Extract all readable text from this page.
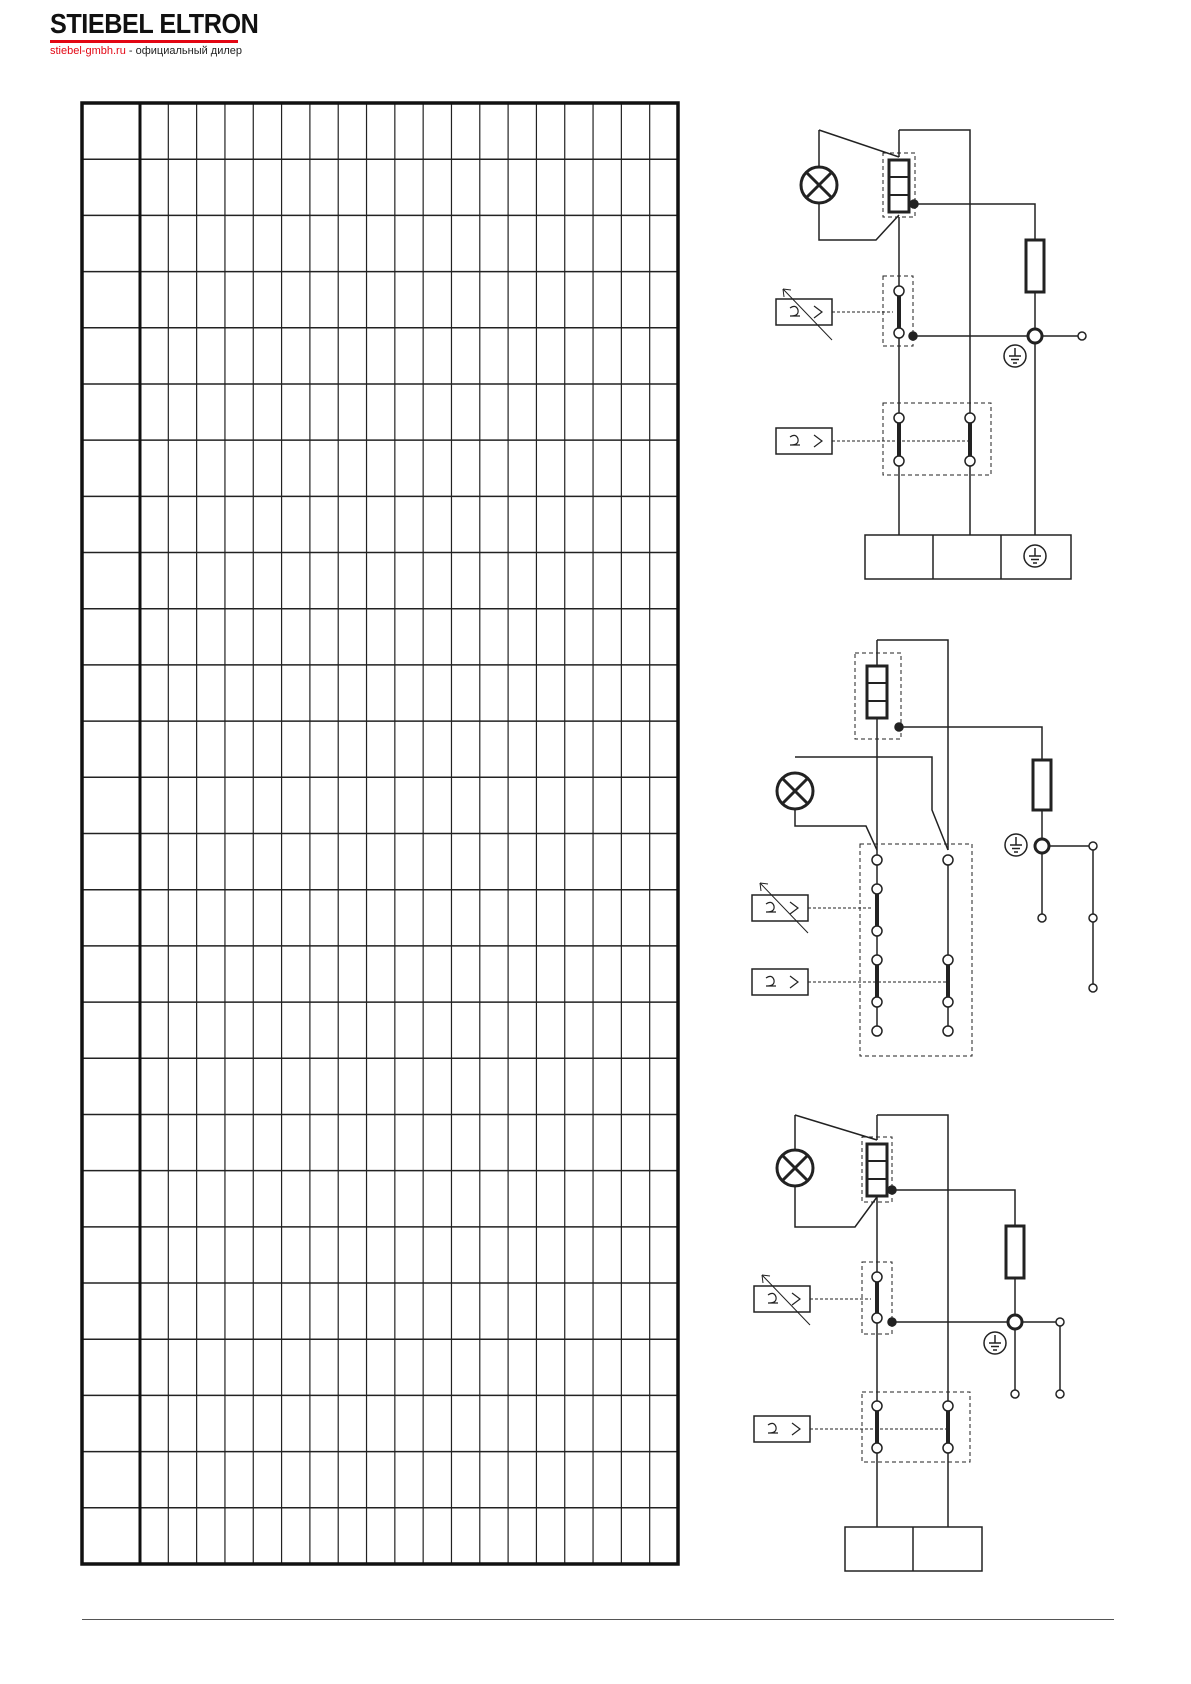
STIEBEL ELTRON
stiebel-gmbh.ru - официальный дилер
